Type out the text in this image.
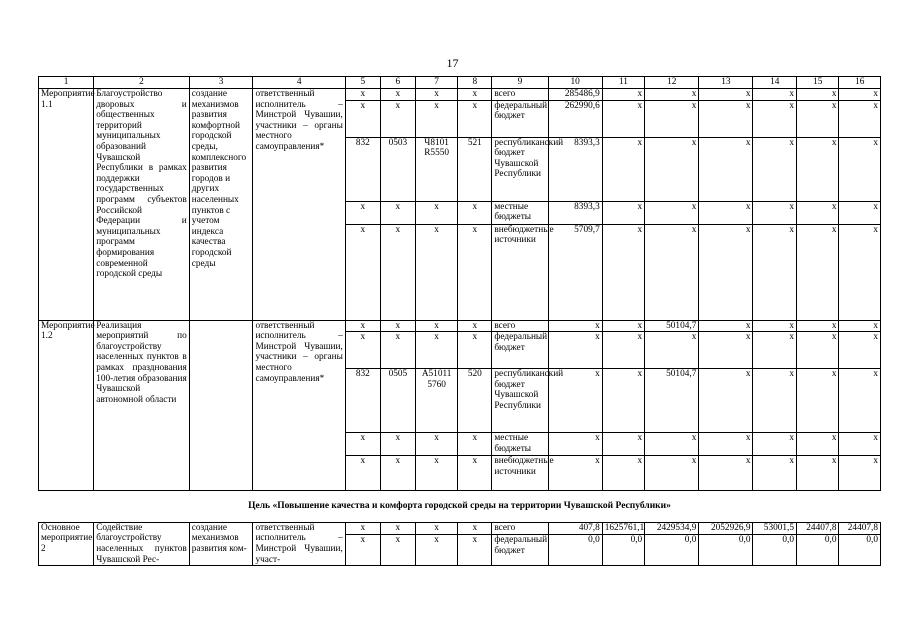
17
1	2	3	4	5	6	7	8	9	10	11	12	13	14	15	16
Мероприятие 1.1	Благоустройство дворовых и общественных территорий муниципальных образований Чувашской Республики в рамках поддержки государственных программ субъектов Российской Федерации и муниципальных программ формирования современной городской среды	создание механизмов развития комфортной городской среды, комплексного развития городов и других населенных пунктов с учетом индекса качества городской среды	ответственный исполнитель – Минстрой Чувашии, участники – органы местного самоуправления*	x	x	x	x	всего	285486,9	x	x	x	x	x	x
				x	x	x	x	федеральный бюджет	262990,6	x	x	x	x	x	x
				832	0503	Ч8101 R5550	521	республиканский бюджет Чувашской Республики	8393,3	x	x	x	x	x	x
				x	x	x	x	местные бюджеты	8393,3	x	x	x	x	x	x
				x	x	x	x	внебюджетные источники	5709,7	x	x	x	x	x	x
Мероприятие 1.2	Реализация мероприятий по благоустройству населенных пунктов в рамках празднования 100-летия образования Чувашской автономной области		ответственный исполнитель – Минстрой Чувашии, участники – органы местного самоуправления*	x	x	x	x	всего	x	x	50104,7	x	x	x	x
				x	x	x	x	федеральный бюджет	x	x	x	x	x	x	x
				832	0505	А51011 5760	520	республиканский бюджет Чувашской Республики	x	x	50104,7	x	x	x	x
				x	x	x	x	местные бюджеты	x	x	x	x	x	x	x
				x	x	x	x	внебюджетные источники	x	x	x	x	x	x	x
Цель «Повышение качества и комфорта городской среды на территории Чувашской Республики»															
Основное мероприятие 2	Содействие благоустройству населенных пунктов Чувашской Рес-	создание механизмов развития ком-	ответственный исполнитель – Минстрой Чувашии, участ-	x	x	x	x	всего	407,8	1625761,1	2429534,9	2052926,9	53001,5	24407,8	24407,8
				x	x	x	x	федеральный бюджет	0,0	0,0	0,0	0,0	0,0	0,0	0,0
